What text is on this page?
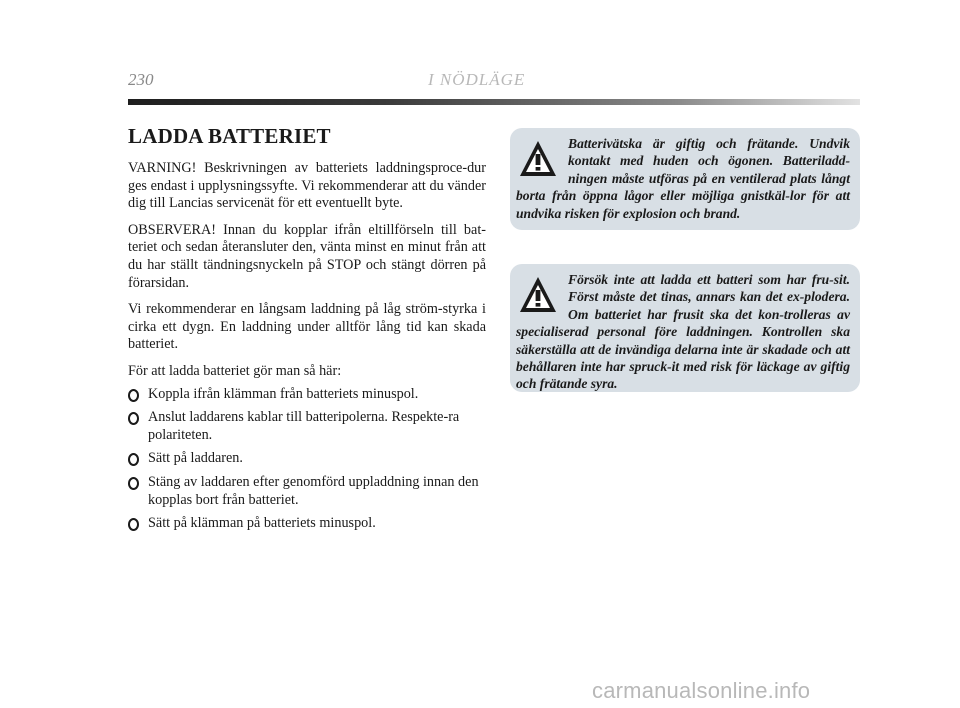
230	I NÖDLÄGE
LADDA BATTERIET

VARNING! Beskrivningen av batteriets laddningsproce-dur ges endast i upplysningssyfte. Vi rekommenderar att du vänder dig till Lancias servicenät för ett eventuellt byte.

OBSERVERA! Innan du kopplar ifrån eltillförseln till bat-teriet och sedan återansluter den, vänta minst en minut från att du har ställt tändningsnyckeln på STOP och stängt dörren på förarsidan.

Vi rekommenderar en långsam laddning på låg ström-styrka i cirka ett dygn. En laddning under alltför lång tid kan skada batteriet.

För att ladda batteriet gör man så här:

Koppla ifrån klämman från batteriets minuspol.
Anslut laddarens kablar till batteripolerna. Respekte-ra polariteten.
Sätt på laddaren.
Stäng av laddaren efter genomförd uppladdning innan den kopplas bort från batteriet.
Sätt på klämman på batteriets minuspol.

Batterivätska är giftig och frätande. Undvik kontakt med huden och ögonen. Batteriladd-ningen måste utföras på en ventilerad plats långt borta från öppna lågor eller möjliga gnistkäl-lor för att undvika risken för explosion och brand.

Försök inte att ladda ett batteri som har fru-sit. Först måste det tinas, annars kan det ex-plodera. Om batteriet har frusit ska det kon-trolleras av specialiserad personal före laddningen. Kontrollen ska säkerställa att de invändiga delarna inte är skadade och att behållaren inte har spruck-it med risk för läckage av giftig och frätande syra.

carmanualsonline.info
